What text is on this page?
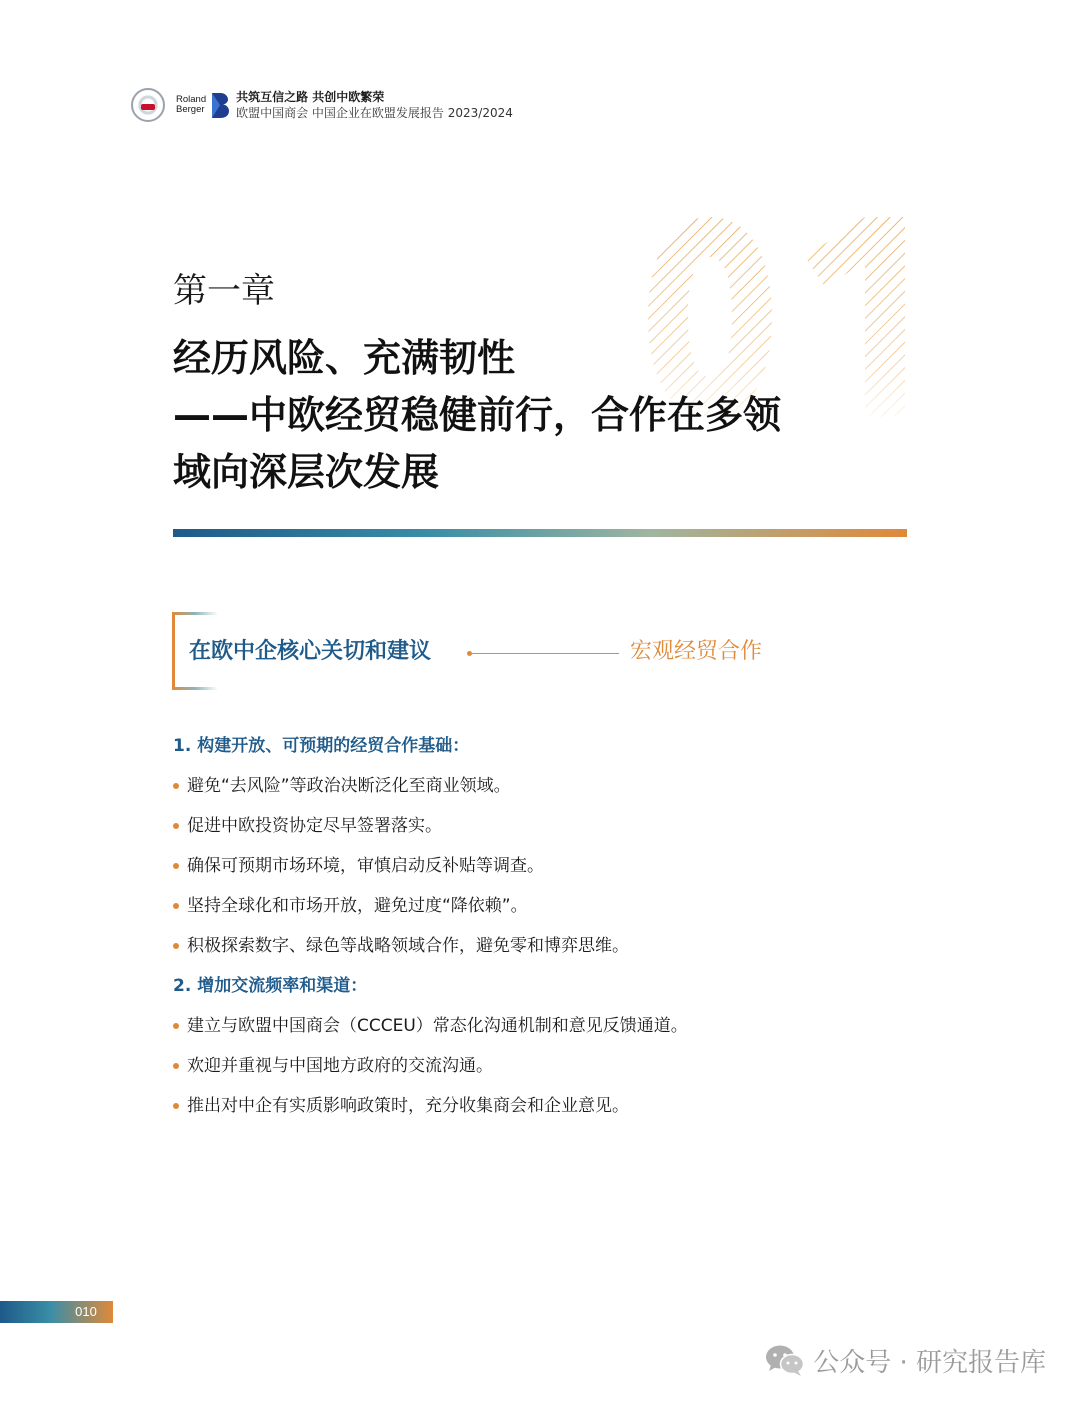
Roland
Berger
共筑互信之路 共创中欧繁荣
欧盟中国商会 中国企业在欧盟发展报告 2023/2024
第一章
经历风险、充满韧性
——中欧经贸稳健前行，合作在多领
域向深层次发展
在欧中企核心关切和建议	宏观经贸合作
1. 构建开放、可预期的经贸合作基础：
避免“去风险”等政治决断泛化至商业领域。
促进中欧投资协定尽早签署落实。
确保可预期市场环境，审慎启动反补贴等调查。
坚持全球化和市场开放，避免过度“降依赖”。
积极探索数字、绿色等战略领域合作，避免零和博弈思维。
2. 增加交流频率和渠道：
建立与欧盟中国商会（CCCEU）常态化沟通机制和意见反馈通道。
欢迎并重视与中国地方政府的交流沟通。
推出对中企有实质影响政策时，充分收集商会和企业意见。
010
公众号 · 研究报告库
